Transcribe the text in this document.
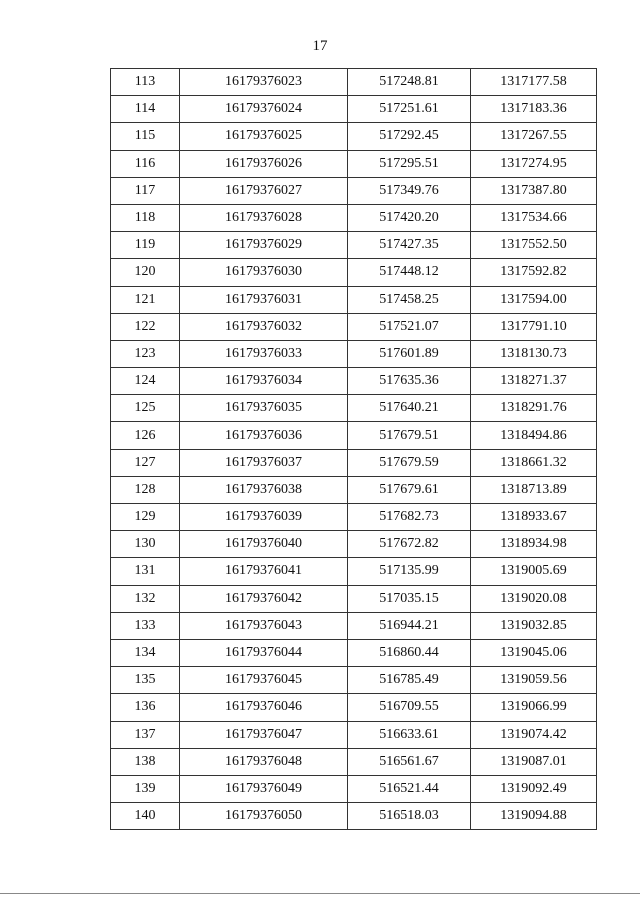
17
113	16179376023	517248.81	1317177.58
114	16179376024	517251.61	1317183.36
115	16179376025	517292.45	1317267.55
116	16179376026	517295.51	1317274.95
117	16179376027	517349.76	1317387.80
118	16179376028	517420.20	1317534.66
119	16179376029	517427.35	1317552.50
120	16179376030	517448.12	1317592.82
121	16179376031	517458.25	1317594.00
122	16179376032	517521.07	1317791.10
123	16179376033	517601.89	1318130.73
124	16179376034	517635.36	1318271.37
125	16179376035	517640.21	1318291.76
126	16179376036	517679.51	1318494.86
127	16179376037	517679.59	1318661.32
128	16179376038	517679.61	1318713.89
129	16179376039	517682.73	1318933.67
130	16179376040	517672.82	1318934.98
131	16179376041	517135.99	1319005.69
132	16179376042	517035.15	1319020.08
133	16179376043	516944.21	1319032.85
134	16179376044	516860.44	1319045.06
135	16179376045	516785.49	1319059.56
136	16179376046	516709.55	1319066.99
137	16179376047	516633.61	1319074.42
138	16179376048	516561.67	1319087.01
139	16179376049	516521.44	1319092.49
140	16179376050	516518.03	1319094.88
